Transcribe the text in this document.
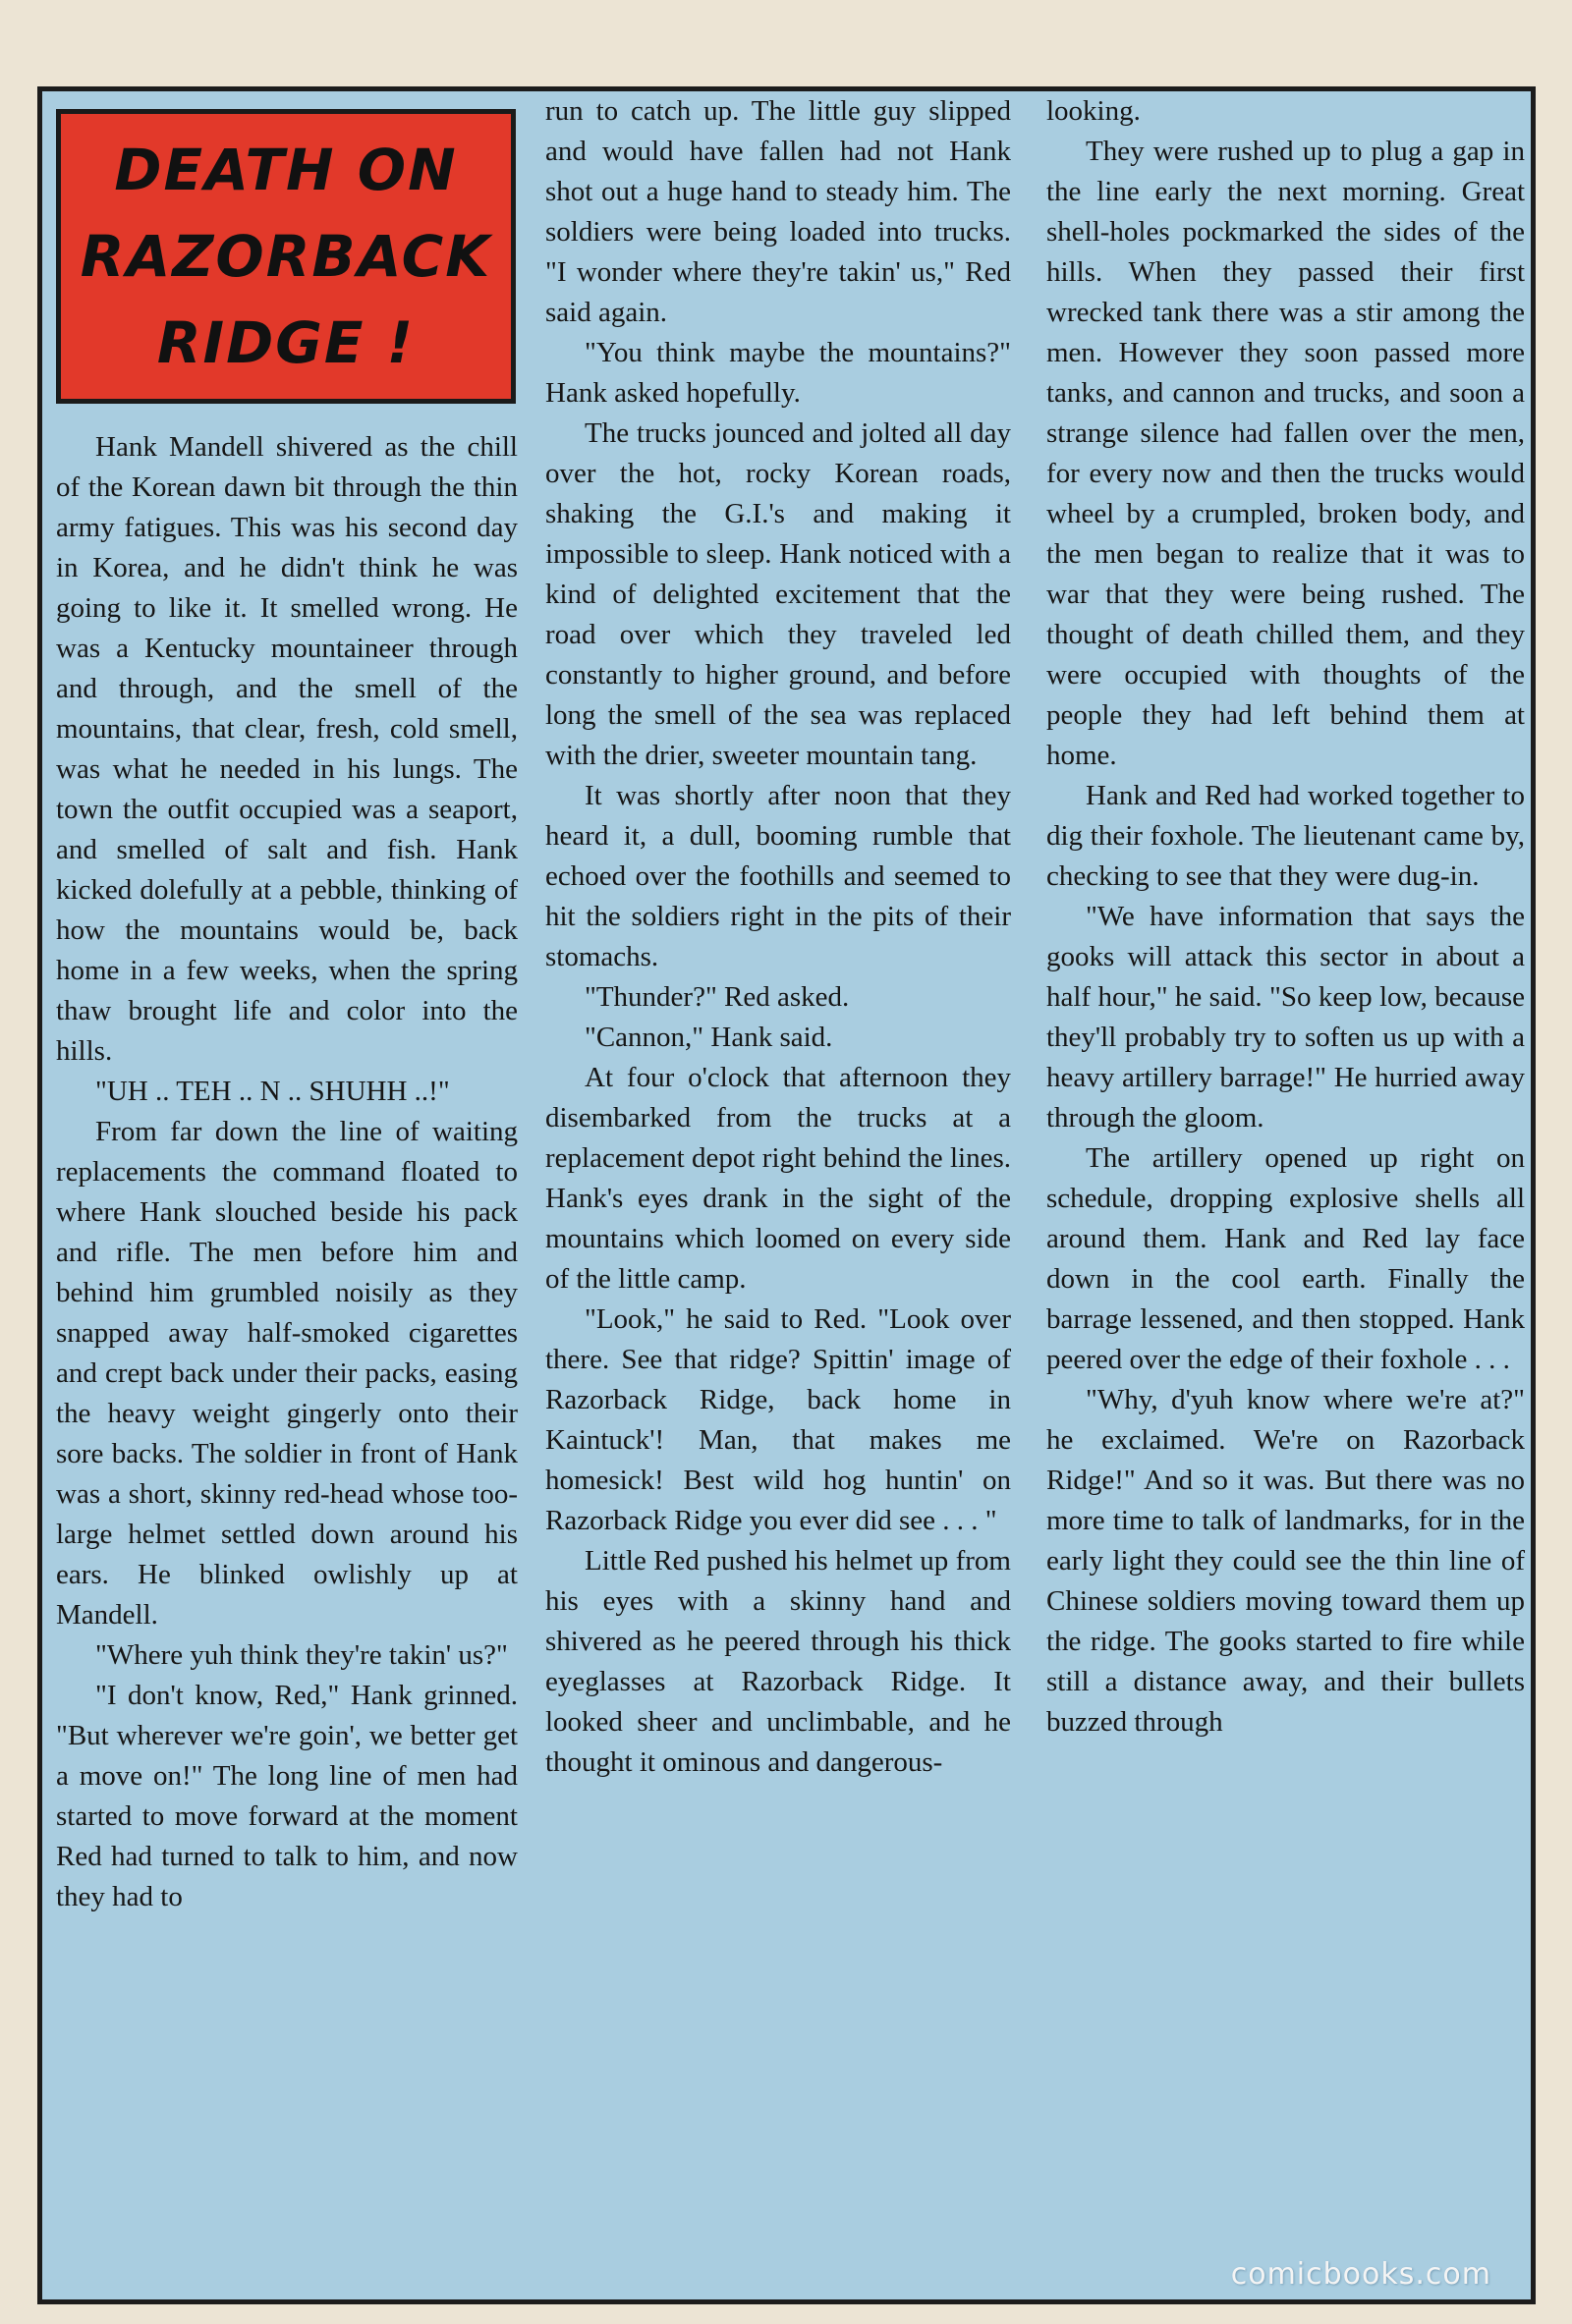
DEATH ON
RAZORBACK
RIDGE !

Hank Mandell shivered as the chill of the Korean dawn bit through the thin army fatigues. This was his second day in Korea, and he didn't think he was going to like it. It smelled wrong. He was a Kentucky mountaineer through and through, and the smell of the mountains, that clear, fresh, cold smell, was what he needed in his lungs. The town the outfit occupied was a seaport, and smelled of salt and fish. Hank kicked dolefully at a pebble, thinking of how the mountains would be, back home in a few weeks, when the spring thaw brought life and color into the hills.

"UH .. TEH .. N .. SHUHH ..!"

From far down the line of waiting replacements the command floated to where Hank slouched beside his pack and rifle. The men before him and behind him grumbled noisily as they snapped away half-smoked cigarettes and crept back under their packs, easing the heavy weight gingerly onto their sore backs. The soldier in front of Hank was a short, skinny red-head whose too-large helmet settled down around his ears. He blinked owlishly up at Mandell.

"Where yuh think they're takin' us?"

"I don't know, Red," Hank grinned. "But wherever we're goin', we better get a move on!" The long line of men had started to move forward at the moment Red had turned to talk to him, and now they had to

run to catch up. The little guy slipped and would have fallen had not Hank shot out a huge hand to steady him. The soldiers were being loaded into trucks. "I wonder where they're takin' us," Red said again.

"You think maybe the mountains?" Hank asked hopefully.

The trucks jounced and jolted all day over the hot, rocky Korean roads, shaking the G.I.'s and making it impossible to sleep. Hank noticed with a kind of delighted excitement that the road over which they traveled led constantly to higher ground, and before long the smell of the sea was replaced with the drier, sweeter mountain tang.

It was shortly after noon that they heard it, a dull, booming rumble that echoed over the foothills and seemed to hit the soldiers right in the pits of their stomachs.

"Thunder?" Red asked.

"Cannon," Hank said.

At four o'clock that afternoon they disembarked from the trucks at a replacement depot right behind the lines. Hank's eyes drank in the sight of the mountains which loomed on every side of the little camp.

"Look," he said to Red. "Look over there. See that ridge? Spittin' image of Razorback Ridge, back home in Kaintuck'! Man, that makes me homesick! Best wild hog huntin' on Razorback Ridge you ever did see . . . "

Little Red pushed his helmet up from his eyes with a skinny hand and shivered as he peered through his thick eyeglasses at Razorback Ridge. It looked sheer and unclimbable, and he thought it ominous and dangerous-

looking.

They were rushed up to plug a gap in the line early the next morning. Great shell-holes pockmarked the sides of the hills. When they passed their first wrecked tank there was a stir among the men. However they soon passed more tanks, and cannon and trucks, and soon a strange silence had fallen over the men, for every now and then the trucks would wheel by a crumpled, broken body, and the men began to realize that it was to war that they were being rushed. The thought of death chilled them, and they were occupied with thoughts of the people they had left behind them at home.

Hank and Red had worked together to dig their foxhole. The lieutenant came by, checking to see that they were dug-in.

"We have information that says the gooks will attack this sector in about a half hour," he said. "So keep low, because they'll probably try to soften us up with a heavy artillery barrage!" He hurried away through the gloom.

The artillery opened up right on schedule, dropping explosive shells all around them. Hank and Red lay face down in the cool earth. Finally the barrage lessened, and then stopped. Hank peered over the edge of their foxhole . . .

"Why, d'yuh know where we're at?" he exclaimed. We're on Razorback Ridge!" And so it was. But there was no more time to talk of landmarks, for in the early light they could see the thin line of Chinese soldiers moving toward them up the ridge. The gooks started to fire while still a distance away, and their bullets buzzed through

comicbooks.com
